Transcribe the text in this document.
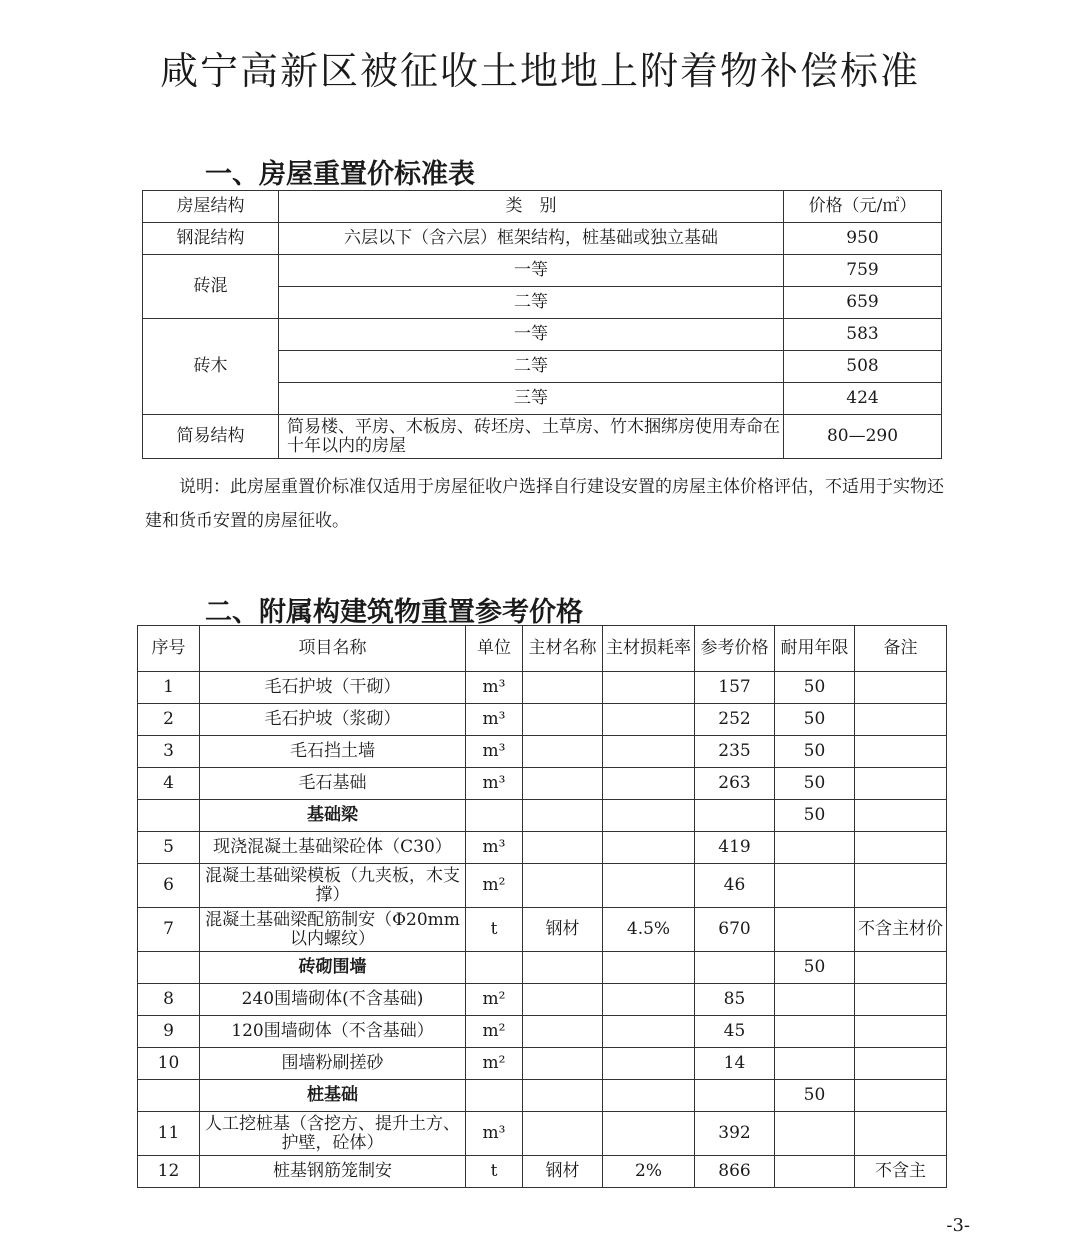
咸宁高新区被征收土地地上附着物补偿标准
一、房屋重置价标准表
房屋结构	类　别	价格（元/㎡）
钢混结构	六层以下（含六层）框架结构，桩基础或独立基础	950
砖混	一等	759
	二等	659
砖木	一等	583
	二等	508
	三等	424
简易结构	简易楼、平房、木板房、砖坯房、土草房、竹木捆绑房使用寿命在十年以内的房屋	80—290

说明：此房屋重置价标准仅适用于房屋征收户选择自行建设安置的房屋主体价格评估，不适用于实物还建和货币安置的房屋征收。

二、附属构建筑物重置参考价格
序号	项目名称	单位	主材名称	主材损耗率	参考价格	耐用年限	备注
1	毛石护坡（干砌）	m³			157	50	
2	毛石护坡（浆砌）	m³			252	50	
3	毛石挡土墙	m³			235	50	
4	毛石基础	m³			263	50	
	基础梁					50	
5	现浇混凝土基础梁砼体（C30）	m³			419		
6	混凝土基础梁模板（九夹板，木支撑）	m²			46		
7	混凝土基础梁配筋制安（Φ20mm以内螺纹）	t	钢材	4.5%	670		不含主材价
	砖砌围墙					50	
8	240围墙砌体(不含基础)	m²			85		
9	120围墙砌体（不含基础）	m²			45		
10	围墙粉刷搓砂	m²			14		
	桩基础					50	
11	人工挖桩基（含挖方、提升土方、护壁，砼体）	m³			392		
12	桩基钢筋笼制安	t	钢材	2%	866		不含主
-3-
